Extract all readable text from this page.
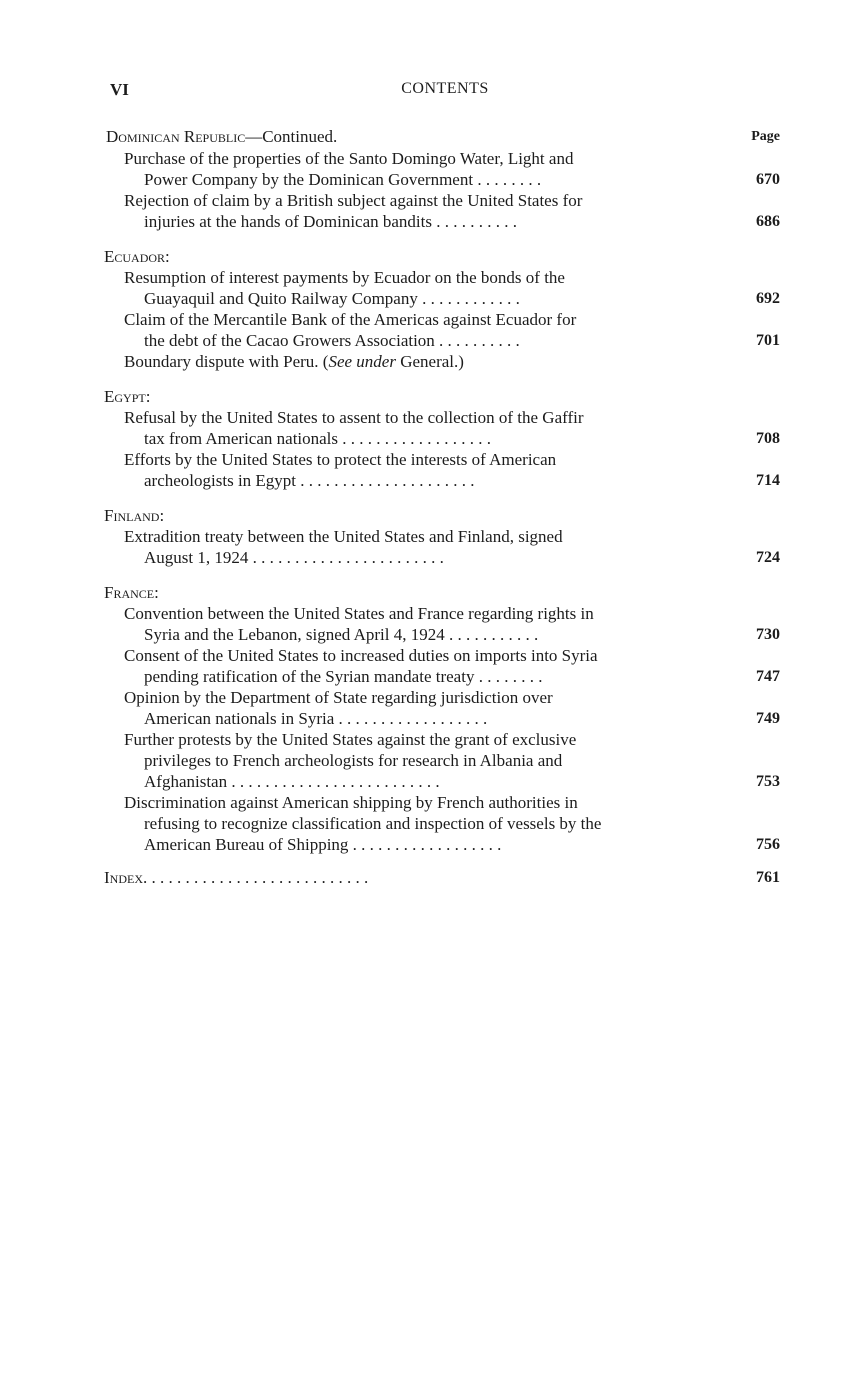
VI	CONTENTS
Dominican Republic—Continued.	Page
Purchase of the properties of the Santo Domingo Water, Light and
Power Company by the Dominican Government . . . . . . . .	670
Rejection of claim by a British subject against the United States for
injuries at the hands of Dominican bandits . . . . . . . . . .	686
Ecuador:
Resumption of interest payments by Ecuador on the bonds of the
Guayaquil and Quito Railway Company . . . . . . . . . . . .	692
Claim of the Mercantile Bank of the Americas against Ecuador for
the debt of the Cacao Growers Association . . . . . . . . . .	701
Boundary dispute with Peru. (See under General.)
Egypt:
Refusal by the United States to assent to the collection of the Gaffir
tax from American nationals . . . . . . . . . . . . . . . . . .	708
Efforts by the United States to protect the interests of American
archeologists in Egypt . . . . . . . . . . . . . . . . . . . . .	714
Finland:
Extradition treaty between the United States and Finland, signed
August 1, 1924 . . . . . . . . . . . . . . . . . . . . . . .	724
France:
Convention between the United States and France regarding rights in
Syria and the Lebanon, signed April 4, 1924 . . . . . . . . . . .	730
Consent of the United States to increased duties on imports into Syria
pending ratification of the Syrian mandate treaty . . . . . . . .	747
Opinion by the Department of State regarding jurisdiction over
American nationals in Syria . . . . . . . . . . . . . . . . . .	749
Further protests by the United States against the grant of exclusive
privileges to French archeologists for research in Albania and
Afghanistan . . . . . . . . . . . . . . . . . . . . . . . . .	753
Discrimination against American shipping by French authorities in
refusing to recognize classification and inspection of vessels by the
American Bureau of Shipping . . . . . . . . . . . . . . . . . .	756
Index. . . . . . . . . . . . . . . . . . . . . . . . . . .	761
